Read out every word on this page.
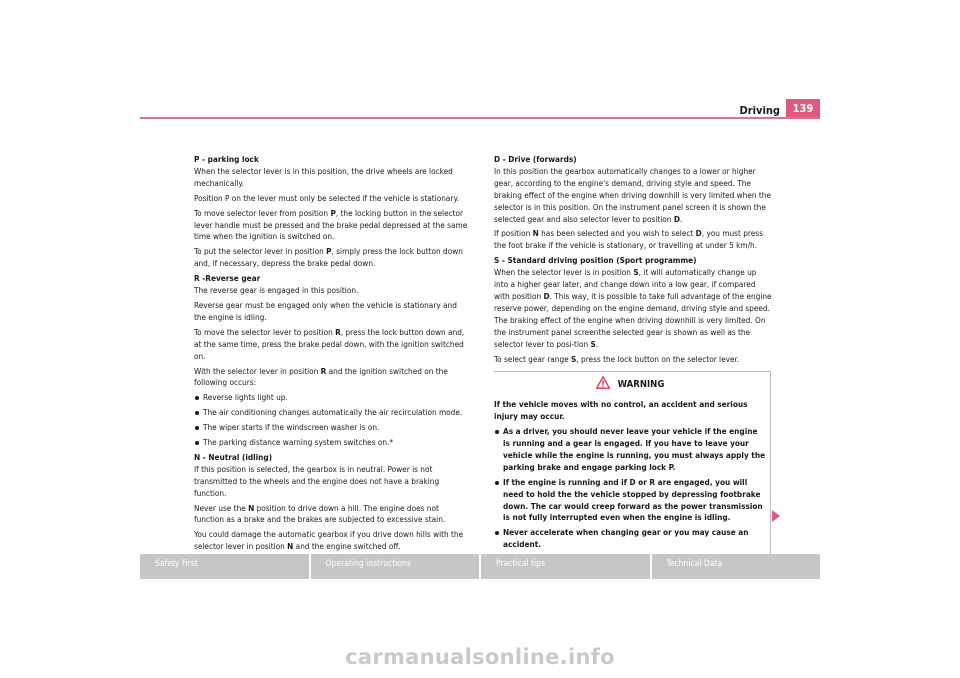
Driving	139

P - parking lock

When the selector lever is in this position, the drive wheels are locked mechanically.

Position P on the lever must only be selected if the vehicle is stationary.

To move selector lever from position P, the locking button in the selector lever handle must be pressed and the brake pedal depressed at the same time when the ignition is switched on.

To put the selector lever in position P, simply press the lock button down and, if necessary, depress the brake pedal down.

R -Reverse gear

The reverse gear is engaged in this position.

Reverse gear must be engaged only when the vehicle is stationary and the engine is idling.

To move the selector lever to position R, press the lock button down and, at the same time, press the brake pedal down, with the ignition switched on.

With the selector lever in position R and the ignition switched on the following occurs:

Reverse lights light up.
The air conditioning changes automatically the air recirculation mode.
The wiper starts if the windscreen washer is on.
The parking distance warning system switches on.*

N - Neutral (idling)

If this position is selected, the gearbox is in neutral. Power is not transmitted to the wheels and the engine does not have a braking function.

Never use the N position to drive down a hill. The engine does not function as a brake and the brakes are subjected to excessive stain.

You could damage the automatic gearbox if you drive down hills with the selector lever in position N and the engine switched off.

D - Drive (forwards)

In this position the gearbox automatically changes to a lower or higher gear, according to the engine's demand, driving style and speed. The braking effect of the engine when driving downhill is very limited when the selector is in this position. On the instrument panel screen it is shown the selected gear and also selector lever to position D.

If position N has been selected and you wish to select D, you must press the foot brake if the vehicle is stationary, or travelling at under 5 km/h.

S - Standard driving position (Sport programme)

When the selector lever is in position S, it will automatically change up into a higher gear later, and change down into a low gear, if compared with position D. This way, it is possible to take full advantage of the engine reserve power, depending on the engine demand, driving style and speed. The braking effect of the engine when driving downhill is very limited. On the instrument panel screenthe selected gear is shown as well as the selector lever to posi-tion S.

To select gear range S, press the lock button on the selector lever.

WARNING

If the vehicle moves with no control, an accident and serious injury may occur.

As a driver, you should never leave your vehicle if the engine is running and a gear is engaged. If you have to leave your vehicle while the engine is running, you must always apply the parking brake and engage parking lock P.
If the engine is running and if D or R are engaged, you will need to hold the the vehicle stopped by depressing footbrake down. The car would creep forward as the power transmission is not fully interrupted even when the engine is idling.
Never accelerate when changing gear or you may cause an accident.
Safety First	Operating instructions	Practical tips	Technical Data
carmanualsonline.info
